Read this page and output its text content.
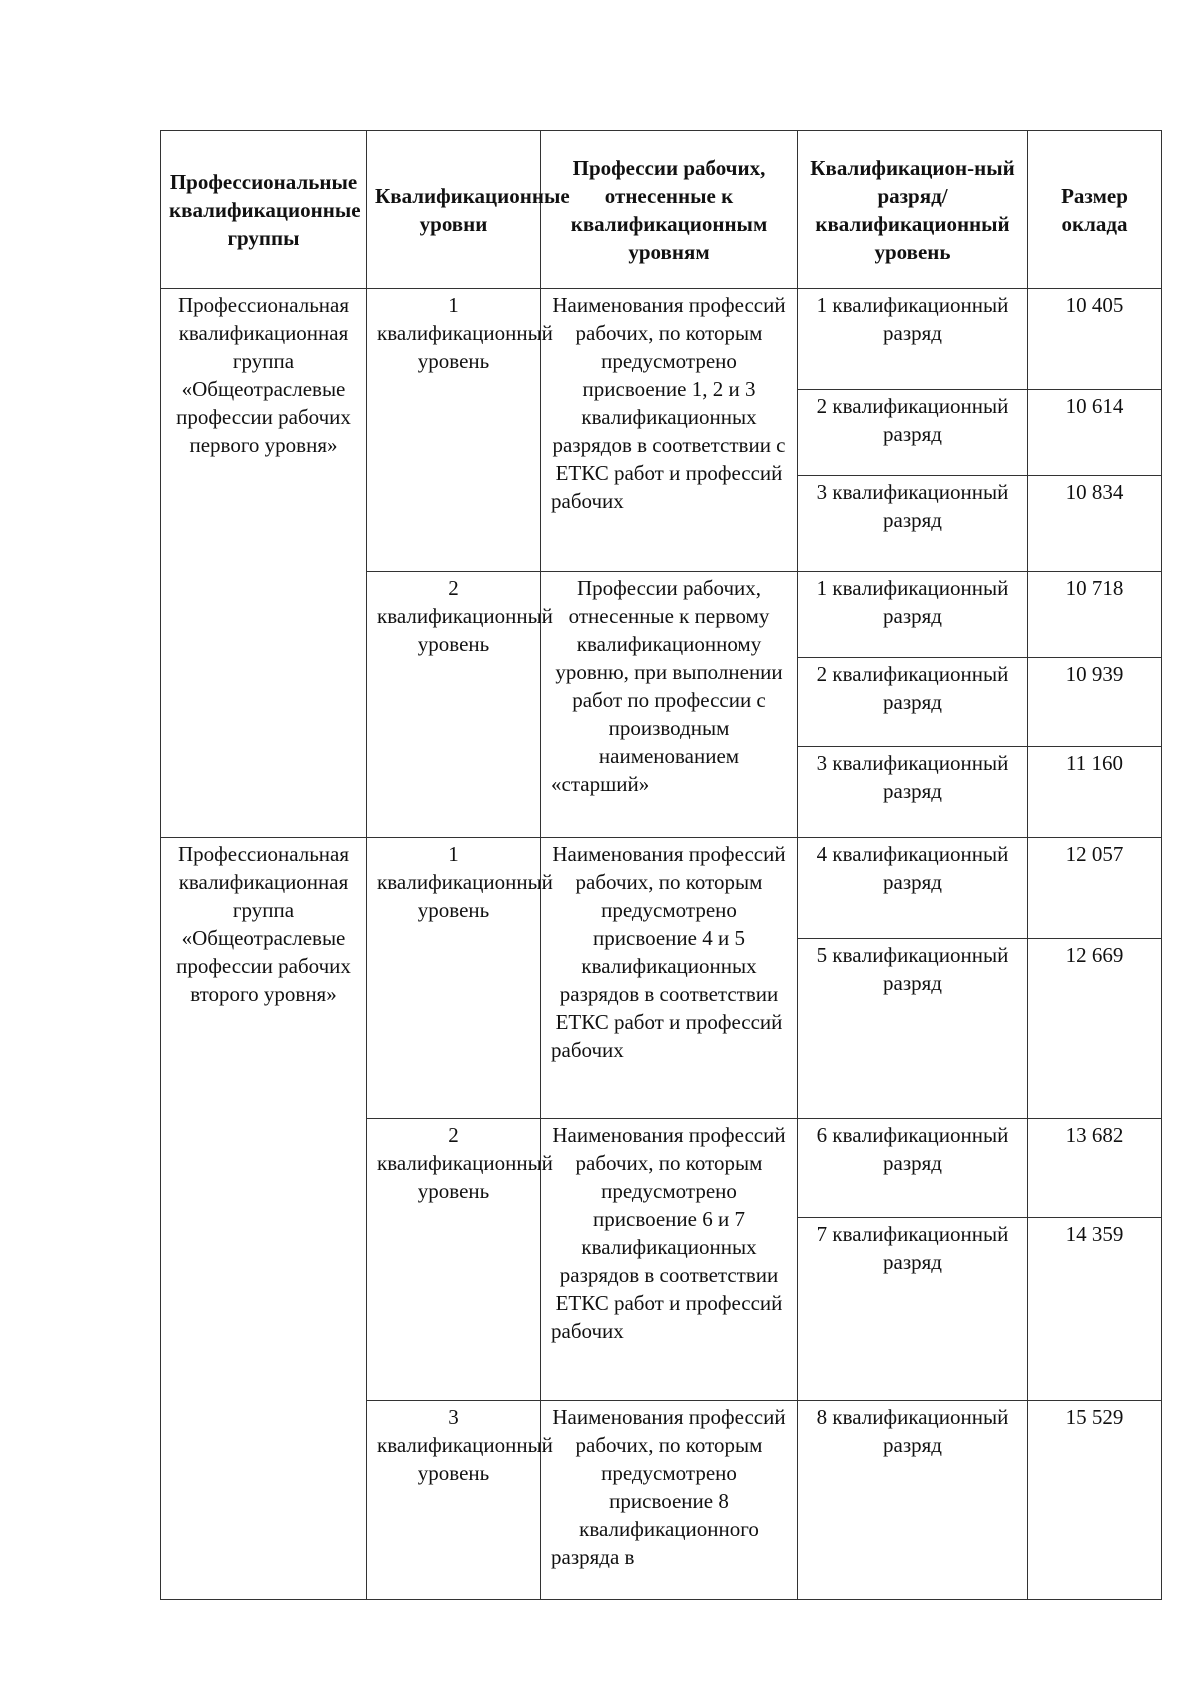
Профессиональные квалификационные группы	Квалификационные уровни	Профессии рабочих, отнесенные к квалификационным уровням	Квалификацион-ный разряд/квалификационный уровень	Размер оклада
Профессиональная квалификационная группа «Общеотраслевые профессии рабочих первого уровня»	1 квалификационный уровень	Наименования профессий рабочих, по которым предусмотрено присвоение 1, 2 и 3 квалификационных разрядов в соответствии с ЕТКС работ и профессий рабочих	1 квалификационный разряд	10 405
			2 квалификационный разряд	10 614
			3 квалификационный разряд	10 834
	2 квалификационный уровень	Профессии рабочих, отнесенные к первому квалификационному уровню, при выполнении работ по профессии с производным наименованием «старший»	1 квалификационный разряд	10 718
			2 квалификационный разряд	10 939
			3 квалификационный разряд	11 160
Профессиональная квалификационная группа «Общеотраслевые профессии рабочих второго уровня»	1 квалификационный уровень	Наименования профессий рабочих, по которым предусмотрено присвоение 4 и 5 квалификационных разрядов в соответствии ЕТКС работ и профессий рабочих	4 квалификационный разряд	12 057
			5 квалификационный разряд	12 669
	2 квалификационный уровень	Наименования профессий рабочих, по которым предусмотрено присвоение 6 и 7 квалификационных разрядов в соответствии ЕТКС работ и профессий рабочих	6 квалификационный разряд	13 682
			7 квалификационный разряд	14 359
	3 квалификационный уровень	Наименования профессий рабочих, по которым предусмотрено присвоение 8 квалификационного разряда в	8 квалификационный разряд	15 529
